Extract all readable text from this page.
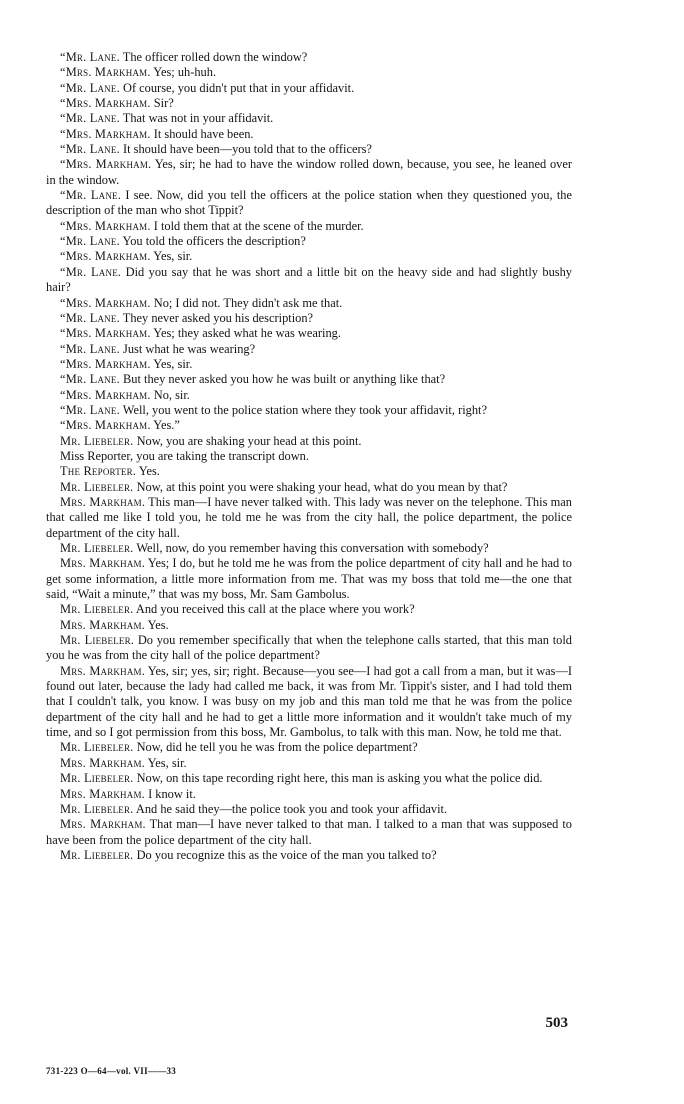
“Mr. Lane. The officer rolled down the window?

“Mrs. Markham. Yes; uh-huh.

“Mr. Lane. Of course, you didn't put that in your affidavit.

“Mrs. Markham. Sir?

“Mr. Lane. That was not in your affidavit.

“Mrs. Markham. It should have been.

“Mr. Lane. It should have been—you told that to the officers?

“Mrs. Markham. Yes, sir; he had to have the window rolled down, because, you see, he leaned over in the window.

“Mr. Lane. I see. Now, did you tell the officers at the police station when they questioned you, the description of the man who shot Tippit?

“Mrs. Markham. I told them that at the scene of the murder.

“Mr. Lane. You told the officers the description?

“Mrs. Markham. Yes, sir.

“Mr. Lane. Did you say that he was short and a little bit on the heavy side and had slightly bushy hair?

“Mrs. Markham. No; I did not. They didn't ask me that.

“Mr. Lane. They never asked you his description?

“Mrs. Markham. Yes; they asked what he was wearing.

“Mr. Lane. Just what he was wearing?

“Mrs. Markham. Yes, sir.

“Mr. Lane. But they never asked you how he was built or anything like that?

“Mrs. Markham. No, sir.

“Mr. Lane. Well, you went to the police station where they took your affidavit, right?

“Mrs. Markham. Yes.”

Mr. Liebeler. Now, you are shaking your head at this point.

Miss Reporter, you are taking the transcript down.

The Reporter. Yes.

Mr. Liebeler. Now, at this point you were shaking your head, what do you mean by that?

Mrs. Markham. This man—I have never talked with. This lady was never on the telephone. This man that called me like I told you, he told me he was from the city hall, the police department, the police department of the city hall.

Mr. Liebeler. Well, now, do you remember having this conversation with somebody?

Mrs. Markham. Yes; I do, but he told me he was from the police department of city hall and he had to get some information, a little more information from me. That was my boss that told me—the one that said, “Wait a minute,” that was my boss, Mr. Sam Gambolus.

Mr. Liebeler. And you received this call at the place where you work?

Mrs. Markham. Yes.

Mr. Liebeler. Do you remember specifically that when the telephone calls started, that this man told you he was from the city hall of the police department?

Mrs. Markham. Yes, sir; yes, sir; right. Because—you see—I had got a call from a man, but it was—I found out later, because the lady had called me back, it was from Mr. Tippit's sister, and I had told them that I couldn't talk, you know. I was busy on my job and this man told me that he was from the police department of the city hall and he had to get a little more information and it wouldn't take much of my time, and so I got permission from this boss, Mr. Gambolus, to talk with this man. Now, he told me that.

Mr. Liebeler. Now, did he tell you he was from the police department?

Mrs. Markham. Yes, sir.

Mr. Liebeler. Now, on this tape recording right here, this man is asking you what the police did.

Mrs. Markham. I know it.

Mr. Liebeler. And he said they—the police took you and took your affidavit.

Mrs. Markham. That man—I have never talked to that man. I talked to a man that was supposed to have been from the police department of the city hall.

Mr. Liebeler. Do you recognize this as the voice of the man you talked to?

503
731-223 O—64—vol. VII——33
